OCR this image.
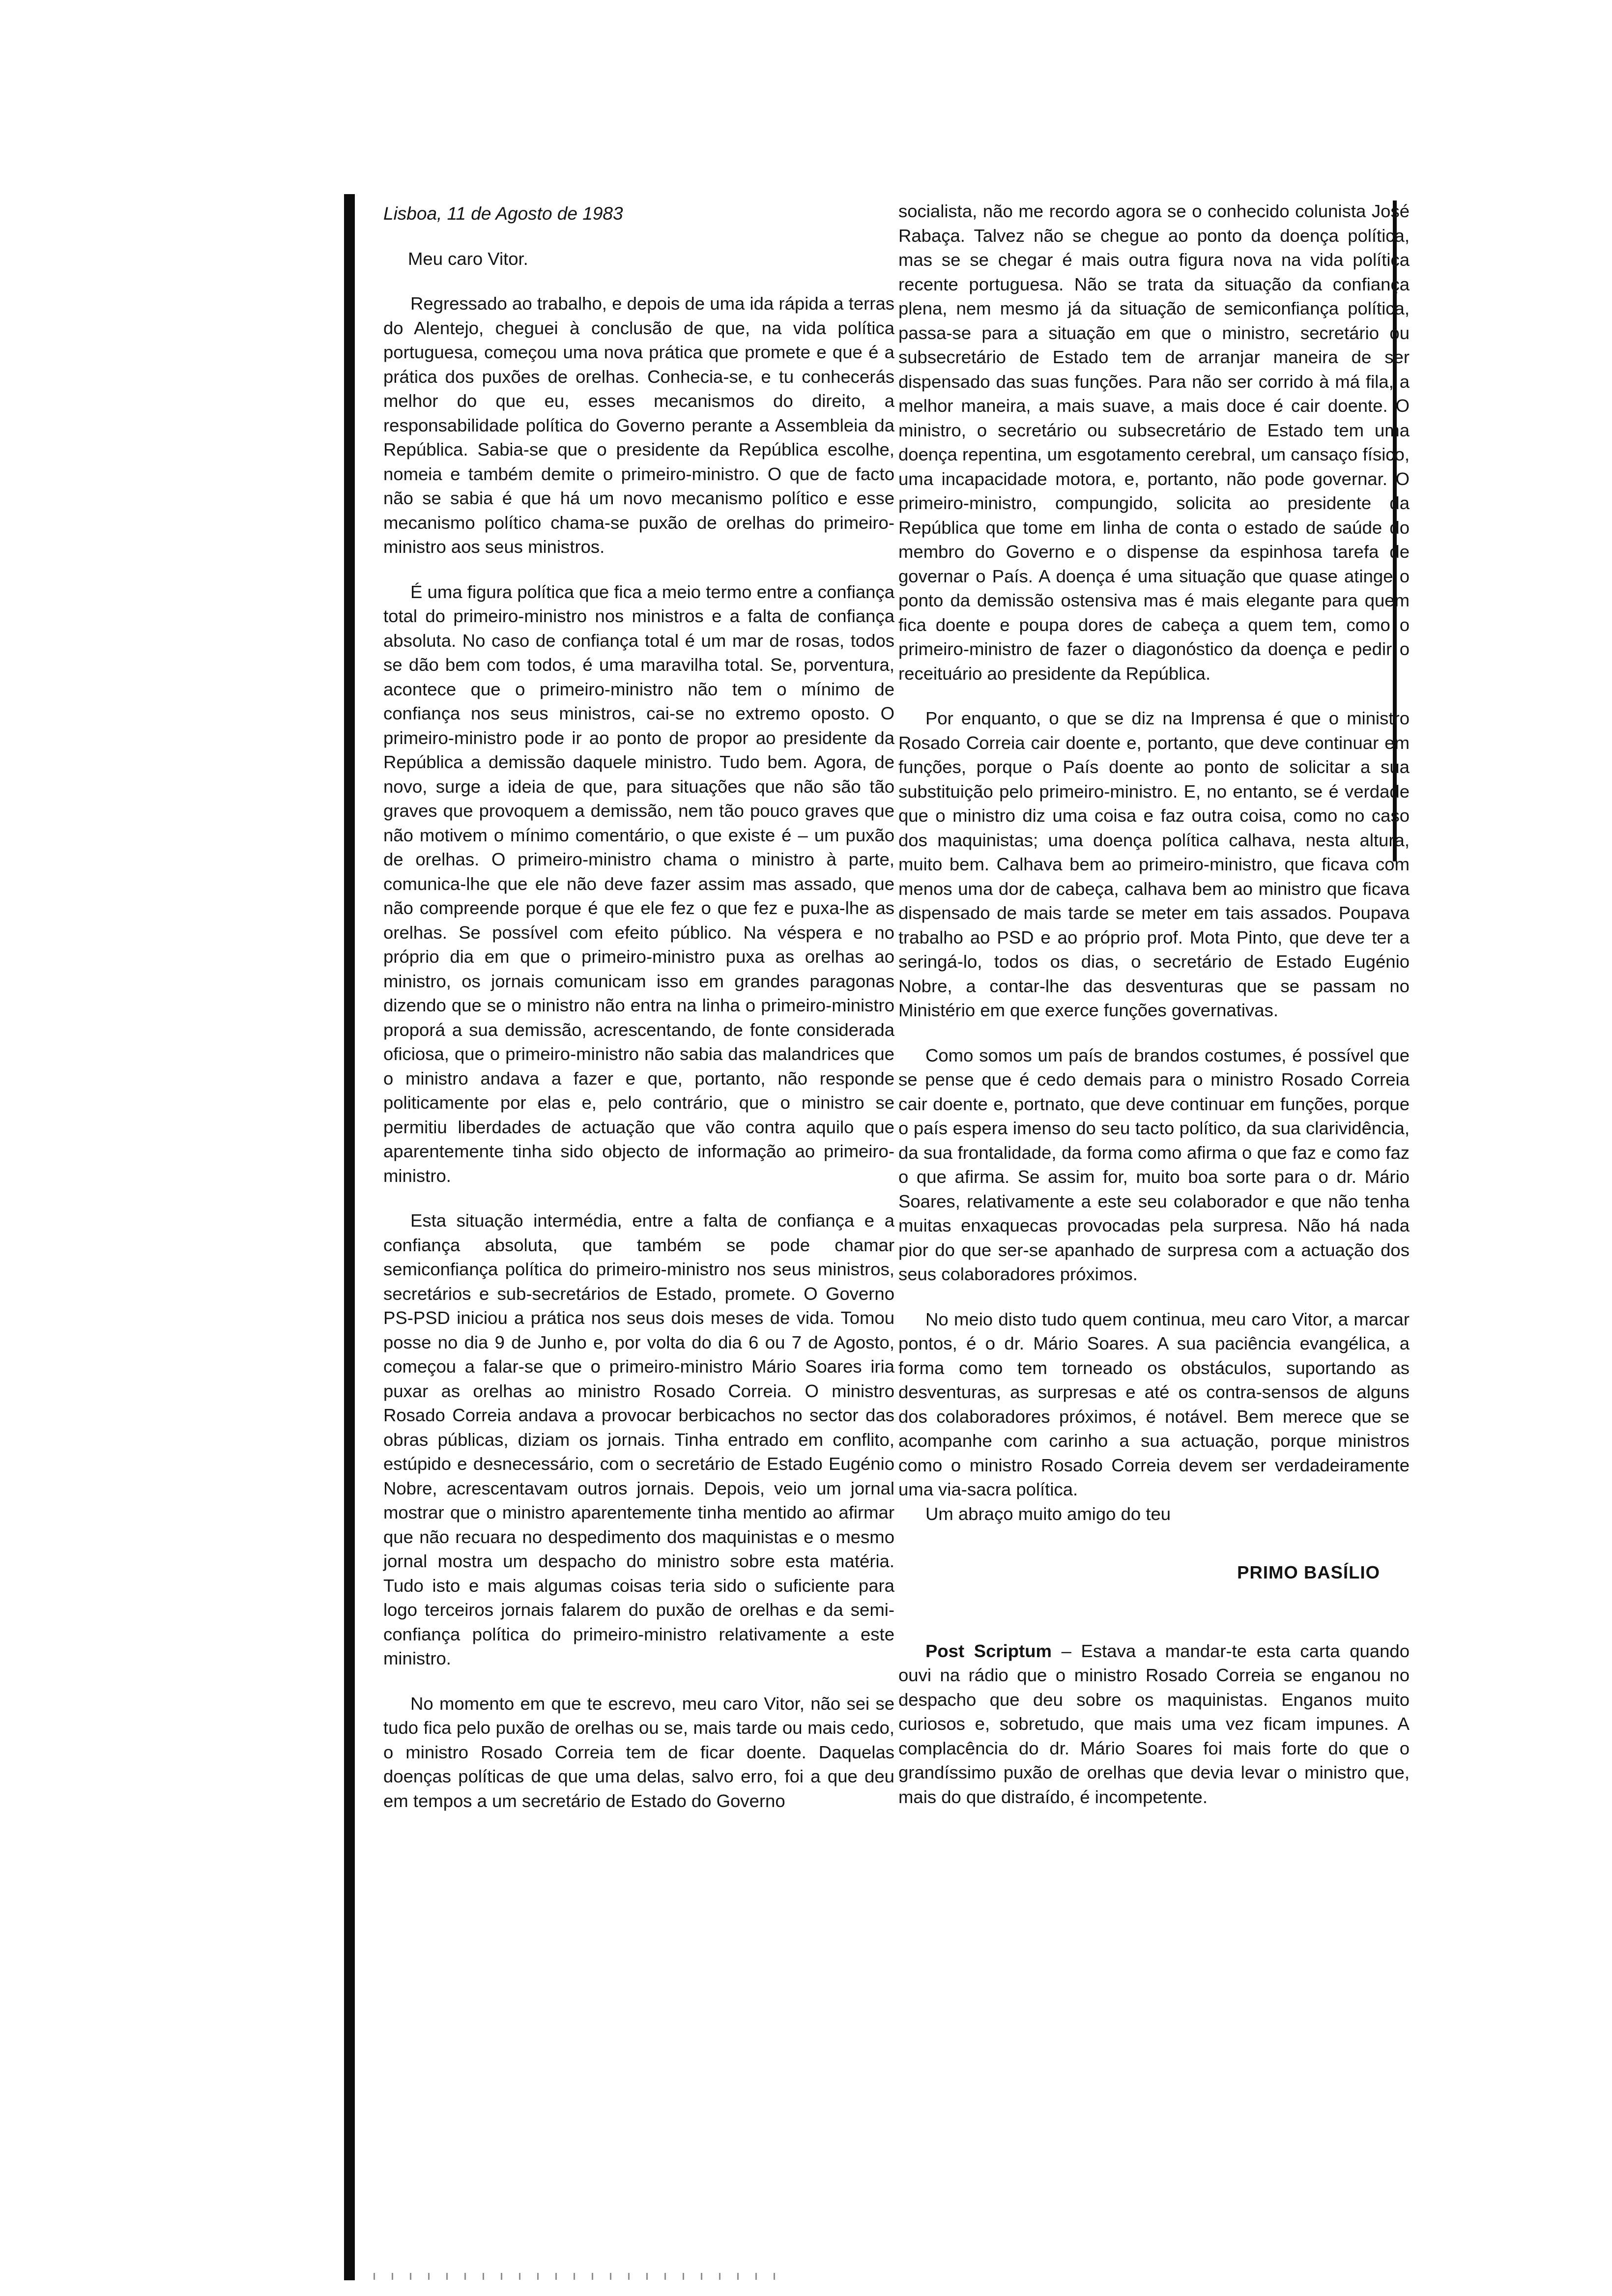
Lisboa, 11 de Agosto de 1983

Meu caro Vitor.

Regressado ao trabalho, e depois de uma ida rápida a terras do Alentejo, cheguei à conclusão de que, na vida política portuguesa, começou uma nova prática que promete e que é a prática dos puxões de orelhas. Conhecia-se, e tu conhecerás melhor do que eu, esses mecanismos do direito, a responsabilidade política do Governo perante a Assembleia da República. Sabia-se que o presidente da República escolhe, nomeia e também demite o primeiro-ministro. O que de facto não se sabia é que há um novo mecanismo político e esse mecanismo político chama-se puxão de orelhas do primeiro-ministro aos seus ministros.

É uma figura política que fica a meio termo entre a confiança total do primeiro-ministro nos ministros e a falta de confiança absoluta. No caso de confiança total é um mar de rosas, todos se dão bem com todos, é uma maravilha total. Se, porventura, acontece que o primeiro-ministro não tem o mínimo de confiança nos seus ministros, cai-se no extremo oposto. O primeiro-ministro pode ir ao ponto de propor ao presidente da República a demissão daquele ministro. Tudo bem. Agora, de novo, surge a ideia de que, para situações que não são tão graves que provoquem a demissão, nem tão pouco graves que não motivem o mínimo comentário, o que existe é – um puxão de orelhas. O primeiro-ministro chama o ministro à parte, comunica-lhe que ele não deve fazer assim mas assado, que não compreende porque é que ele fez o que fez e puxa-lhe as orelhas. Se possível com efeito público. Na véspera e no próprio dia em que o primeiro-ministro puxa as orelhas ao ministro, os jornais comunicam isso em grandes paragonas dizendo que se o ministro não entra na linha o primeiro-ministro proporá a sua demissão, acrescentando, de fonte considerada oficiosa, que o primeiro-ministro não sabia das malandrices que o ministro andava a fazer e que, portanto, não responde politicamente por elas e, pelo contrário, que o ministro se permitiu liberdades de actuação que vão contra aquilo que aparentemente tinha sido objecto de informação ao primeiro-ministro.

Esta situação intermédia, entre a falta de confiança e a confiança absoluta, que também se pode chamar semiconfiança política do primeiro-ministro nos seus ministros, secretários e sub-secretários de Estado, promete. O Governo PS-PSD iniciou a prática nos seus dois meses de vida. Tomou posse no dia 9 de Junho e, por volta do dia 6 ou 7 de Agosto, começou a falar-se que o primeiro-ministro Mário Soares iria puxar as orelhas ao ministro Rosado Correia. O ministro Rosado Correia andava a provocar berbicachos no sector das obras públicas, diziam os jornais. Tinha entrado em conflito, estúpido e desnecessário, com o secretário de Estado Eugénio Nobre, acrescentavam outros jornais. Depois, veio um jornal mostrar que o ministro aparentemente tinha mentido ao afirmar que não recuara no despedimento dos maquinistas e o mesmo jornal mostra um despacho do ministro sobre esta matéria. Tudo isto e mais algumas coisas teria sido o suficiente para logo terceiros jornais falarem do puxão de orelhas e da semi-confiança política do primeiro-ministro relativamente a este ministro.

No momento em que te escrevo, meu caro Vitor, não sei se tudo fica pelo puxão de orelhas ou se, mais tarde ou mais cedo, o ministro Rosado Correia tem de ficar doente. Daquelas doenças políticas de que uma delas, salvo erro, foi a que deu em tempos a um secretário de Estado do Governo

socialista, não me recordo agora se o conhecido colunista José Rabaça. Talvez não se chegue ao ponto da doença política, mas se se chegar é mais outra figura nova na vida política recente portuguesa. Não se trata da situação da confiança plena, nem mesmo já da situação de semiconfiança política, passa-se para a situação em que o ministro, secretário ou subsecretário de Estado tem de arranjar maneira de ser dispensado das suas funções. Para não ser corrido à má fila, a melhor maneira, a mais suave, a mais doce é cair doente. O ministro, o secretário ou subsecretário de Estado tem uma doença repentina, um esgotamento cerebral, um cansaço físico, uma incapacidade motora, e, portanto, não pode governar. O primeiro-ministro, compungido, solicita ao presidente da República que tome em linha de conta o estado de saúde do membro do Governo e o dispense da espinhosa tarefa de governar o País. A doença é uma situação que quase atinge o ponto da demissão ostensiva mas é mais elegante para quem fica doente e poupa dores de cabeça a quem tem, como o primeiro-ministro de fazer o diagonóstico da doença e pedir o receituário ao presidente da República.

Por enquanto, o que se diz na Imprensa é que o ministro Rosado Correia cair doente e, portanto, que deve continuar em funções, porque o País doente ao ponto de solicitar a sua substituição pelo primeiro-ministro. E, no entanto, se é verdade que o ministro diz uma coisa e faz outra coisa, como no caso dos maquinistas; uma doença política calhava, nesta altura, muito bem. Calhava bem ao primeiro-ministro, que ficava com menos uma dor de cabeça, calhava bem ao ministro que ficava dispensado de mais tarde se meter em tais assados. Poupava trabalho ao PSD e ao próprio prof. Mota Pinto, que deve ter a seringá-lo, todos os dias, o secretário de Estado Eugénio Nobre, a contar-lhe das desventuras que se passam no Ministério em que exerce funções governativas.

Como somos um país de brandos costumes, é possível que se pense que é cedo demais para o ministro Rosado Correia cair doente e, portnato, que deve continuar em funções, porque o país espera imenso do seu tacto político, da sua clarividência, da sua frontalidade, da forma como afirma o que faz e como faz o que afirma. Se assim for, muito boa sorte para o dr. Mário Soares, relativamente a este seu colaborador e que não tenha muitas enxaquecas provocadas pela surpresa. Não há nada pior do que ser-se apanhado de surpresa com a actuação dos seus colaboradores próximos.

No meio disto tudo quem continua, meu caro Vitor, a marcar pontos, é o dr. Mário Soares. A sua paciência evangélica, a forma como tem torneado os obstáculos, suportando as desventuras, as surpresas e até os contra-sensos de alguns dos colaboradores próximos, é notável. Bem merece que se acompanhe com carinho a sua actuação, porque ministros como o ministro Rosado Correia devem ser verdadeiramente uma via-sacra política.

Um abraço muito amigo do teu

PRIMO BASÍLIO

Post Scriptum – Estava a mandar-te esta carta quando ouvi na rádio que o ministro Rosado Correia se enganou no despacho que deu sobre os maquinistas. Enganos muito curiosos e, sobretudo, que mais uma vez ficam impunes. A complacência do dr. Mário Soares foi mais forte do que o grandíssimo puxão de orelhas que devia levar o ministro que, mais do que distraído, é incompetente.
